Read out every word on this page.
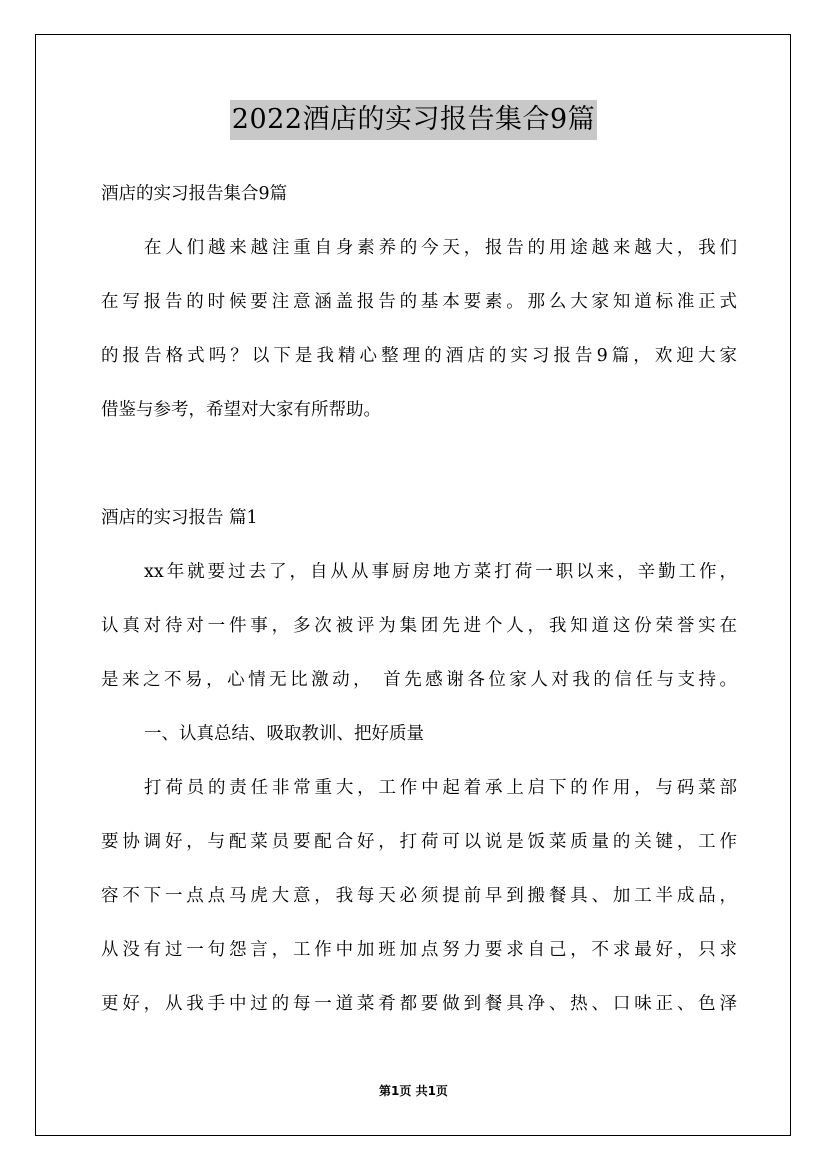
2022酒店的实习报告集合9篇
酒店的实习报告集合9篇
在人们越来越注重自身素养的今天，报告的用途越来越大，我们
在写报告的时候要注意涵盖报告的基本要素。那么大家知道标准正式
的报告格式吗？以下是我精心整理的酒店的实习报告9篇，欢迎大家
借鉴与参考，希望对大家有所帮助。
酒店的实习报告 篇1
xx年就要过去了，自从从事厨房地方菜打荷一职以来，辛勤工作，
认真对待对一件事，多次被评为集团先进个人，我知道这份荣誉实在
是来之不易，心情无比激动， 首先感谢各位家人对我的信任与支持。
一、认真总结、吸取教训、把好质量
打荷员的责任非常重大，工作中起着承上启下的作用，与码菜部
要协调好，与配菜员要配合好，打荷可以说是饭菜质量的关键，工作
容不下一点点马虎大意，我每天必须提前早到搬餐具、加工半成品，
从没有过一句怨言，工作中加班加点努力要求自己，不求最好，只求
更好，从我手中过的每一道菜肴都要做到餐具净、热、口味正、色泽
第1页 共1页
